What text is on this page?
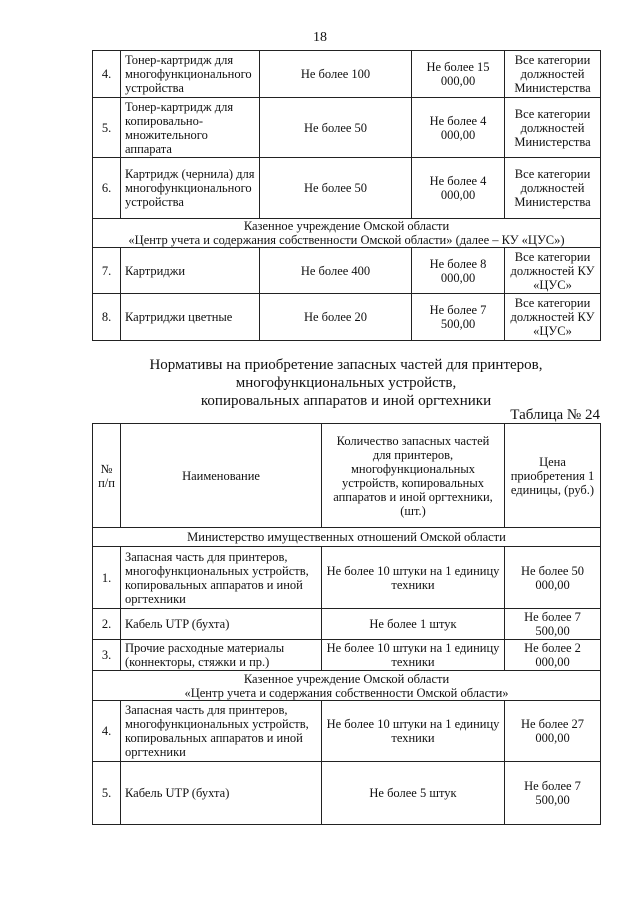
18
4.	Тонер-картридж для многофункционального устройства	Не более 100	Не более 15 000,00	Все категории должностей Министерства
5.	Тонер-картридж для копировально-множительного аппарата	Не более 50	Не более 4 000,00	Все категории должностей Министерства
6.	Картридж (чернила) для многофункционального устройства	Не более 50	Не более 4 000,00	Все категории должностей Министерства

Казенное учреждение Омской области
«Центр учета и содержания собственности Омской области» (далее – КУ «ЦУС»)				

7.	Картриджи	Не более 400	Не более 8 000,00	Все категории должностей КУ «ЦУС»
8.	Картриджи цветные	Не более 20	Не более 7 500,00	Все категории должностей КУ «ЦУС»
Нормативы на приобретение запасных частей для принтеров,
многофункциональных устройств,
копировальных аппаратов и иной оргтехники
Таблица № 24
№ п/п	Наименование	Количество запасных частей для принтеров, многофункциональных устройств, копировальных аппаратов и иной оргтехники, (шт.)	Цена приобретения 1 единицы, (руб.)
Министерство имущественных отношений Омской области			
1.	Запасная часть для принтеров, многофункциональных устройств, копировальных аппаратов и иной оргтехники	Не более 10 штуки на 1 единицу техники	Не более 50 000,00
2.	Кабель UTP (бухта)	Не более 1 штук	Не более 7 500,00
3.	Прочие расходные материалы (коннекторы, стяжки и пр.)	Не более 10 штуки на 1 единицу техники	Не более 2 000,00

Казенное учреждение Омской области
«Центр учета и содержания собственности Омской области»			

4.	Запасная часть для принтеров, многофункциональных устройств, копировальных аппаратов и иной оргтехники	Не более 10 штуки на 1 единицу техники	Не более 27 000,00
5.	Кабель UTP (бухта)	Не более 5 штук	Не более 7 500,00
